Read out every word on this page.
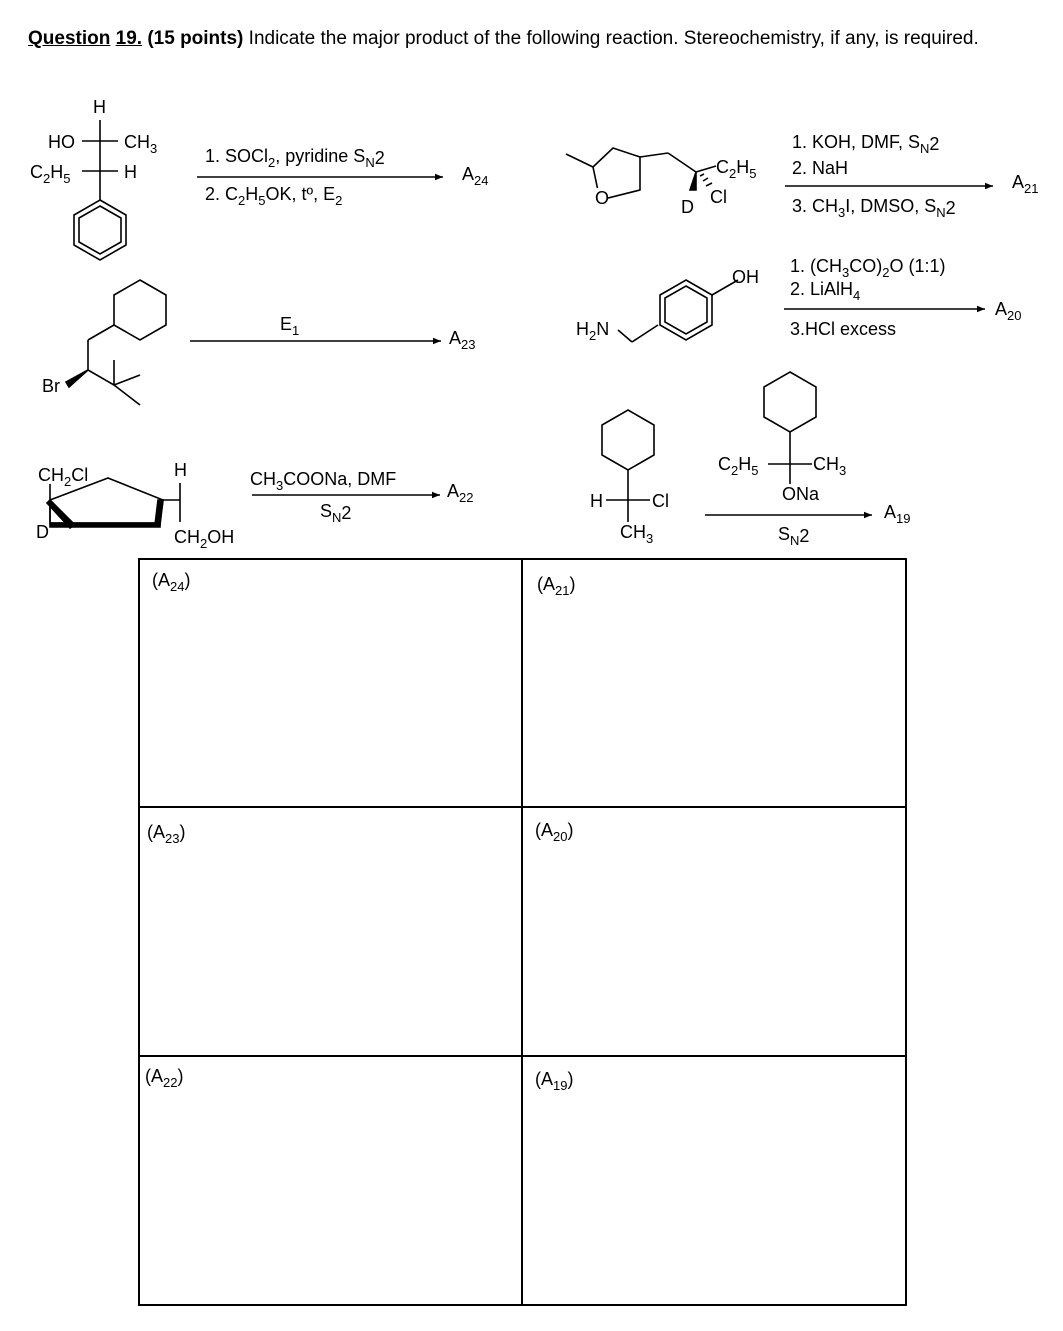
Question 19. (15 points) Indicate the major product of the following reaction. Stereochemistry, if any, is required.
H
HO	$CH_3$
$C_2H_5$	H
1. SOCl$_2$, pyridine $S_N2$
2. $C_2H_5OK$, tº, $E_2$
$A_{24}$
O	D Cl
$C_2H_5$
1. KOH, DMF, $S_N2$
2. NaH
3. $CH_3I$, DMSO, $S_N2$
$A_{21}$
Br
$E_1$	$A_{23}$
OH
$H_2N$
1. $(CH_3CO)_2O$ (1:1)
2. LiAlH$_4$
3.HCl excess
$A_{20}$
$CH_2Cl$	H
D	$CH_2OH$
$CH_3COONa$, DMF
$S_N2$
$A_{22}$	H	Cl
$CH_3$
$C_2H_5$	$CH_3$
ONa
$S_N2$
$A_{19}$
$(A_{24})$	$(A_{21})$
$(A_{23})$	$(A_{20})$
$(A_{22})$	$(A_{19})$
